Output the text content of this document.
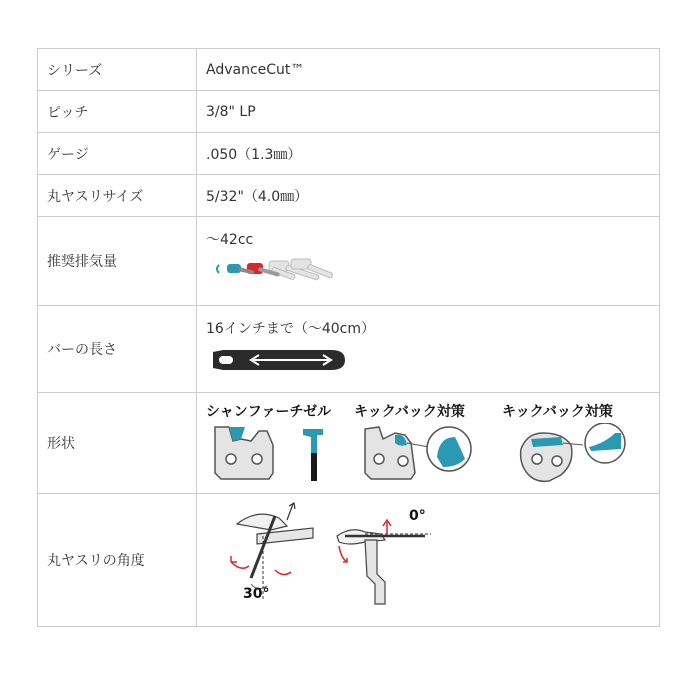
シリーズ	AdvanceCut™
ピッチ	3/8" LP
ゲージ	.050（1.3㎜）
丸ヤスリサイズ	5/32"（4.0㎜）
推奨排気量	～42cc

バーの長さ	16インチまで（～40cm）

形状	シャンファーチゼル キックバック対策 キックバック対策

丸ヤスリの角度	30°
0°
